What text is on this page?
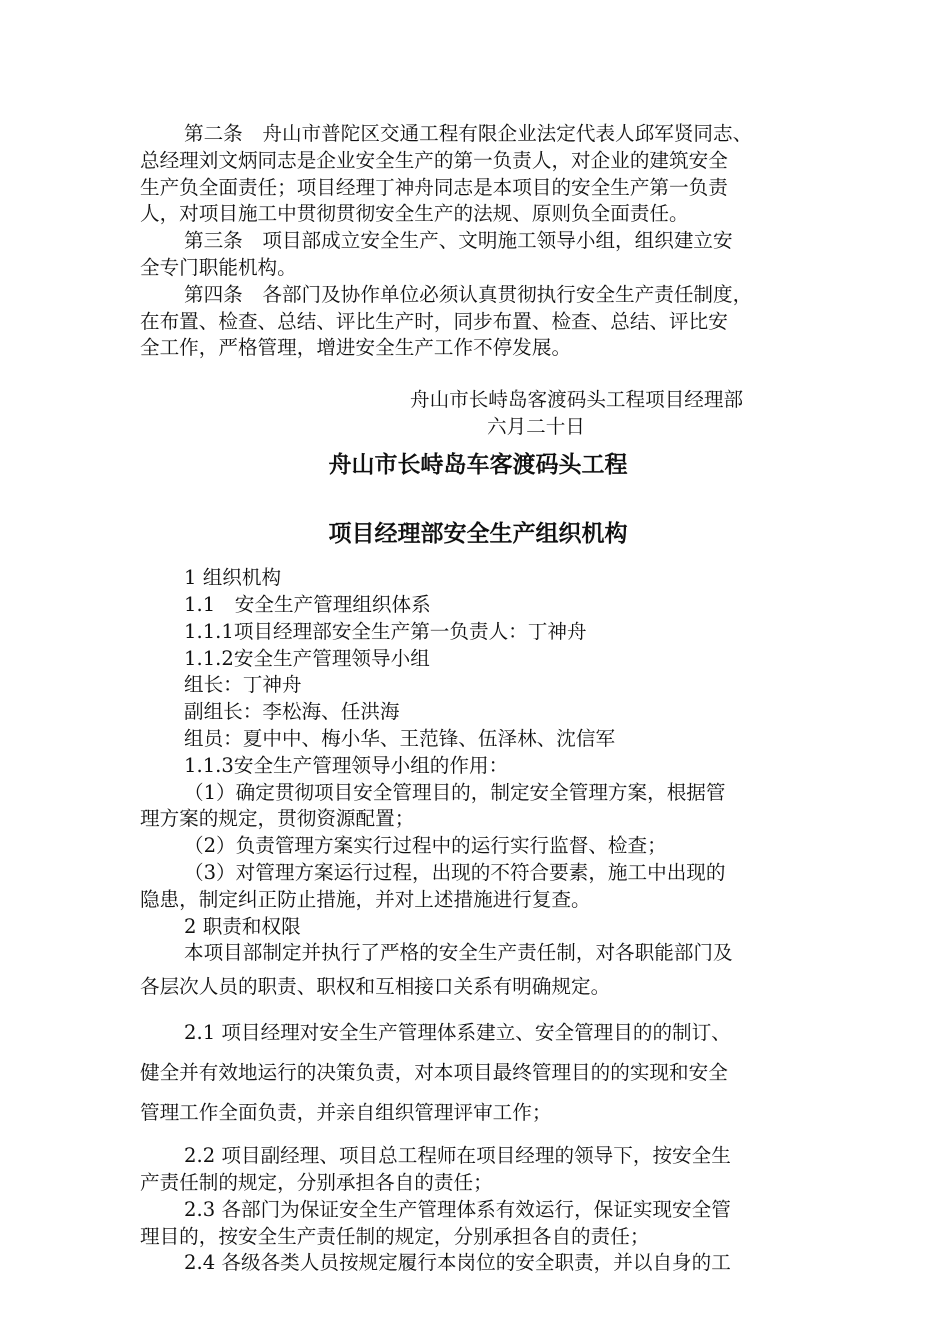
第二条　舟山市普陀区交通工程有限企业法定代表人邱军贤同志、

总经理刘文炳同志是企业安全生产的第一负责人，对企业的建筑安全

生产负全面责任；项目经理丁神舟同志是本项目的安全生产第一负责

人，对项目施工中贯彻贯彻安全生产的法规、原则负全面责任。

第三条　项目部成立安全生产、文明施工领导小组，组织建立安

全专门职能机构。

第四条　各部门及协作单位必须认真贯彻执行安全生产责任制度，

在布置、检查、总结、评比生产时，同步布置、检查、总结、评比安

全工作，严格管理，增进安全生产工作不停发展。

舟山市长峙岛客渡码头工程项目经理部

六月二十日

舟山市长峙岛车客渡码头工程

项目经理部安全生产组织机构

1 组织机构

1.1　安全生产管理组织体系

1.1.1项目经理部安全生产第一负责人：丁神舟

1.1.2安全生产管理领导小组

组长：丁神舟

副组长：李松海、任洪海

组员：夏中中、梅小华、王范锋、伍泽林、沈信军

1.1.3安全生产管理领导小组的作用：

（1）确定贯彻项目安全管理目的，制定安全管理方案，根据管

理方案的规定，贯彻资源配置；

（2）负责管理方案实行过程中的运行实行监督、检查；

（3）对管理方案运行过程，出现的不符合要素，施工中出现的

隐患，制定纠正防止措施，并对上述措施进行复查。

2 职责和权限

本项目部制定并执行了严格的安全生产责任制，对各职能部门及

各层次人员的职责、职权和互相接口关系有明确规定。

2.1 项目经理对安全生产管理体系建立、安全管理目的的制订、

健全并有效地运行的决策负责，对本项目最终管理目的的实现和安全

管理工作全面负责，并亲自组织管理评审工作；

2.2 项目副经理、项目总工程师在项目经理的领导下，按安全生

产责任制的规定，分别承担各自的责任；

2.3 各部门为保证安全生产管理体系有效运行，保证实现安全管

理目的，按安全生产责任制的规定，分别承担各自的责任；

2.4 各级各类人员按规定履行本岗位的安全职责，并以自身的工
